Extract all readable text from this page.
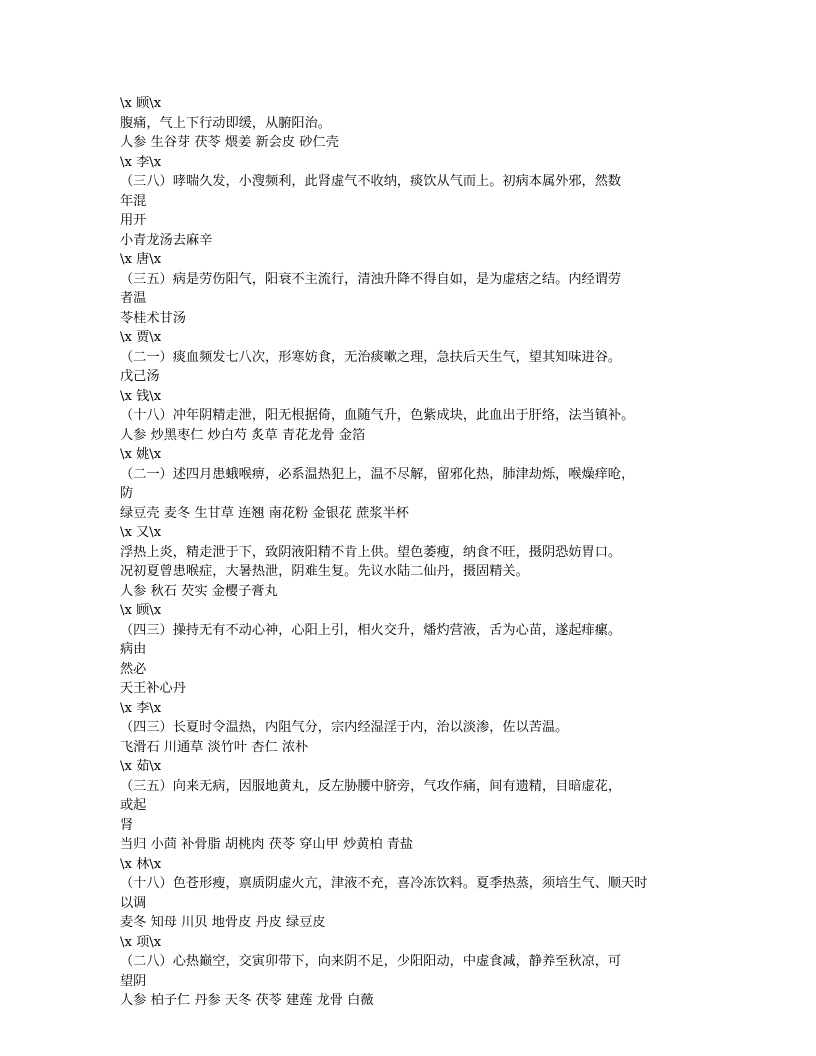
\x 顾\x
腹痛，气上下行动即缓，从腑阳治。
人参 生谷芽 茯苓 煨姜 新会皮 砂仁壳
\x 李\x
（三八）哮喘久发，小溲频利，此肾虚气不收纳，痰饮从气而上。初病本属外邪，然数
年混
用开
小青龙汤去麻辛
\x 唐\x
（三五）病是劳伤阳气，阳衰不主流行，清浊升降不得自如，是为虚痞之结。内经谓劳
者温
苓桂术甘汤
\x 贾\x
（二一）痰血频发七八次，形寒妨食，无治痰嗽之理，急扶后天生气，望其知味进谷。
戊己汤
\x 钱\x
（十八）冲年阴精走泄，阳无根据倚，血随气升，色紫成块，此血出于肝络，法当镇补。
人参 炒黑枣仁 炒白芍 炙草 青花龙骨 金箔
\x 姚\x
（二一）述四月患蛾喉痹，必系温热犯上，温不尽解，留邪化热，肺津劫烁，喉燥痒呛，
防
绿豆壳 麦冬 生甘草 连翘 南花粉 金银花 蔗浆半杯
\x 又\x
浮热上炎，精走泄于下，致阴液阳精不肯上供。望色萎瘦，纳食不旺，摄阴恐妨胃口。
况初夏曾患喉症，大暑热泄，阴难生复。先议水陆二仙丹，摄固精关。
人参 秋石 芡实 金樱子膏丸
\x 顾\x
（四三）操持无有不动心神，心阳上引，相火交升，燔灼营液，舌为心苗，遂起痱瘰。
病由
然必
天王补心丹
\x 李\x
（四三）长夏时令温热，内阻气分，宗内经湿淫于内，治以淡渗，佐以苦温。
飞滑石 川通草 淡竹叶 杏仁 浓朴
\x 茹\x
（三五）向来无病，因服地黄丸，反左胁腰中脐旁，气攻作痛，间有遗精，目暗虚花，
或起
肾
当归 小茴 补骨脂 胡桃肉 茯苓 穿山甲 炒黄柏 青盐
\x 林\x
（十八）色苍形瘦，禀质阴虚火亢，津液不充，喜冷冻饮料。夏季热蒸，须培生气、顺天时
以调
麦冬 知母 川贝 地骨皮 丹皮 绿豆皮
\x 项\x
（二八）心热巅空，交寅卯带下，向来阴不足，少阳阳动，中虚食减，静养至秋凉，可
望阴
人参 柏子仁 丹参 天冬 茯苓 建莲 龙骨 白薇
